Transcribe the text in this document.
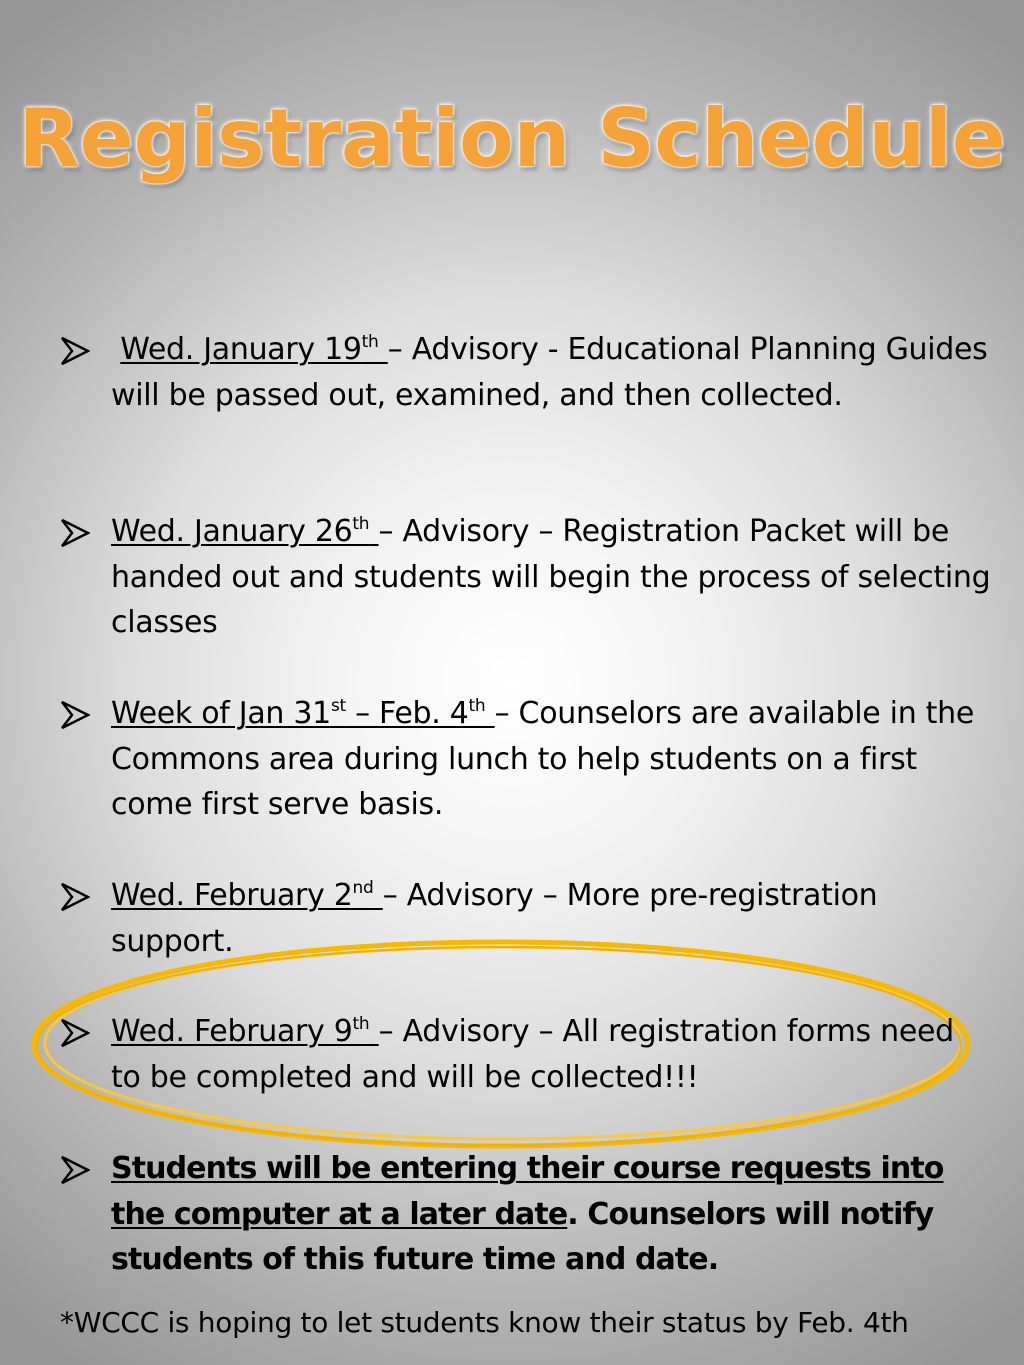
Registration Schedule
Wed. January 19th – Advisory - Educational Planning Guides will be passed out, examined, and then collected.
Wed. January 26th – Advisory – Registration Packet will be handed out and students will begin the process of selecting classes
Week of Jan 31st – Feb. 4th – Counselors are available in the Commons area during lunch to help students on a first come first serve basis.
Wed. February 2nd – Advisory – More pre-registration support.
Wed. February 9th – Advisory – All registration forms need to be completed and will be collected!!!
Students will be entering their course requests into the computer at a later date. Counselors will notify students of this future time and date.
*WCCC is hoping to let students know their status by Feb. 4th
